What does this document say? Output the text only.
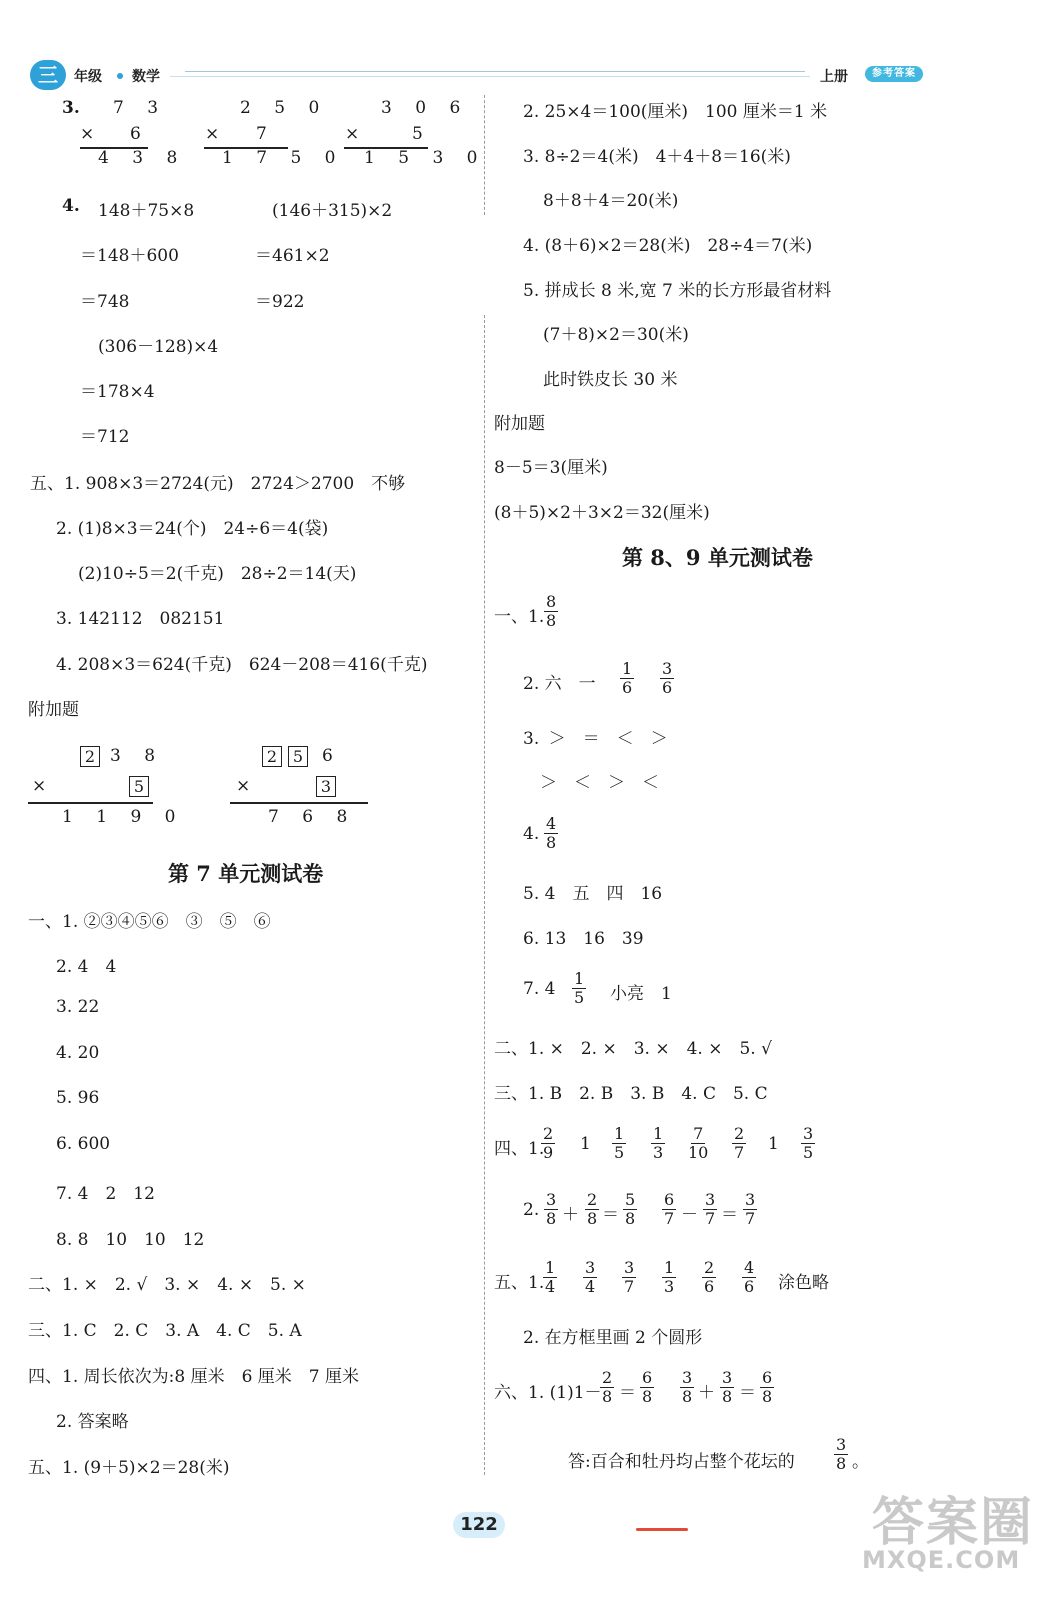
三	年级 数学	上册	参考答案
3. 7 3
× 6
4 3 8
2 5 0
× 7
1 7 5 0
3 0 6
×	5
1 5 3 0
4. 148＋75×8
＝148＋600
＝748
(146＋315)×2
＝461×2
＝922
(306－128)×4
＝178×4
＝712
五、1. 908×3＝2724(元)　2724＞2700　不够
2. (1)8×3＝24(个)　24÷6＝4(袋)
(2)10÷5＝2(千克)　28÷2＝14(天)
3. 142112　082151
4. 208×3＝624(千克)　624－208＝416(千克)
附加题
2 3 8
×	5
1 1 9 0
2 5 6
×	3
7 6 8
第 7 单元测试卷
一、1. ②③④⑤⑥　③　⑤　⑥
2. 4　4
3. 22
4. 20
5. 96
6. 600
7. 4　2　12
8. 8　10　10　12
二、1. ×　2. √　3. ×　4. ×　5. ×
三、1. C　2. C　3. A　4. C　5. A
四、1. 周长依次为:8 厘米　6 厘米　7 厘米
2. 答案略
五、1. (9＋5)×2＝28(米)
2. 25×4＝100(厘米)　100 厘米＝1 米
3. 8÷2＝4(米)　4＋4＋8＝16(米)
8＋8＋4＝20(米)
4. (8＋6)×2＝28(米)　28÷4＝7(米)
5. 拼成长 8 米,宽 7 米的长方形最省材料
(7＋8)×2＝30(米)
此时铁皮长 30 米
附加题
8－5＝3(厘米)
(8＋5)×2＋3×2＝32(厘米)
第 8、9 单元测试卷
一、1. $\frac{8}{8}$
2. 六　一 $\frac{1}{6} \frac{3}{6}$
3. ＞　＝　＜　＞
＞　＜　＞　＜
4. $\frac{4}{8}$
5. 4　五　四　16
6. 13　16　39
7. $4 \frac{1}{5}$ 小亮　1
二、1. ×　2. ×　3. ×　4. ×　5. √
三、1. B　2. B　3. B　4. C　5. C
四、1.
$\frac{2}{9} 1 \frac{1}{5} \frac{1}{3} \frac{7}{10} \frac{2}{7} 1 \frac{3}{5}$
2. $\frac{3}{8} + \frac{2}{8} = \frac{5}{8} \frac{6}{7} - \frac{3}{7} = \frac{3}{7}$
五、1.
$\frac{1}{4} \frac{3}{4} \frac{3}{7} \frac{1}{3} \frac{2}{6} \frac{4}{6}$ 涂色略
2. 在方框里画 2 个圆形
六、1. (1)1－
$\frac{2}{8} = \frac{6}{8} \frac{3}{8} + \frac{3}{8} = \frac{6}{8}$
答:百合和牡丹均占整个花坛的 $\frac{3}{8}$ 。
122	答案圈
MXQE.COM
